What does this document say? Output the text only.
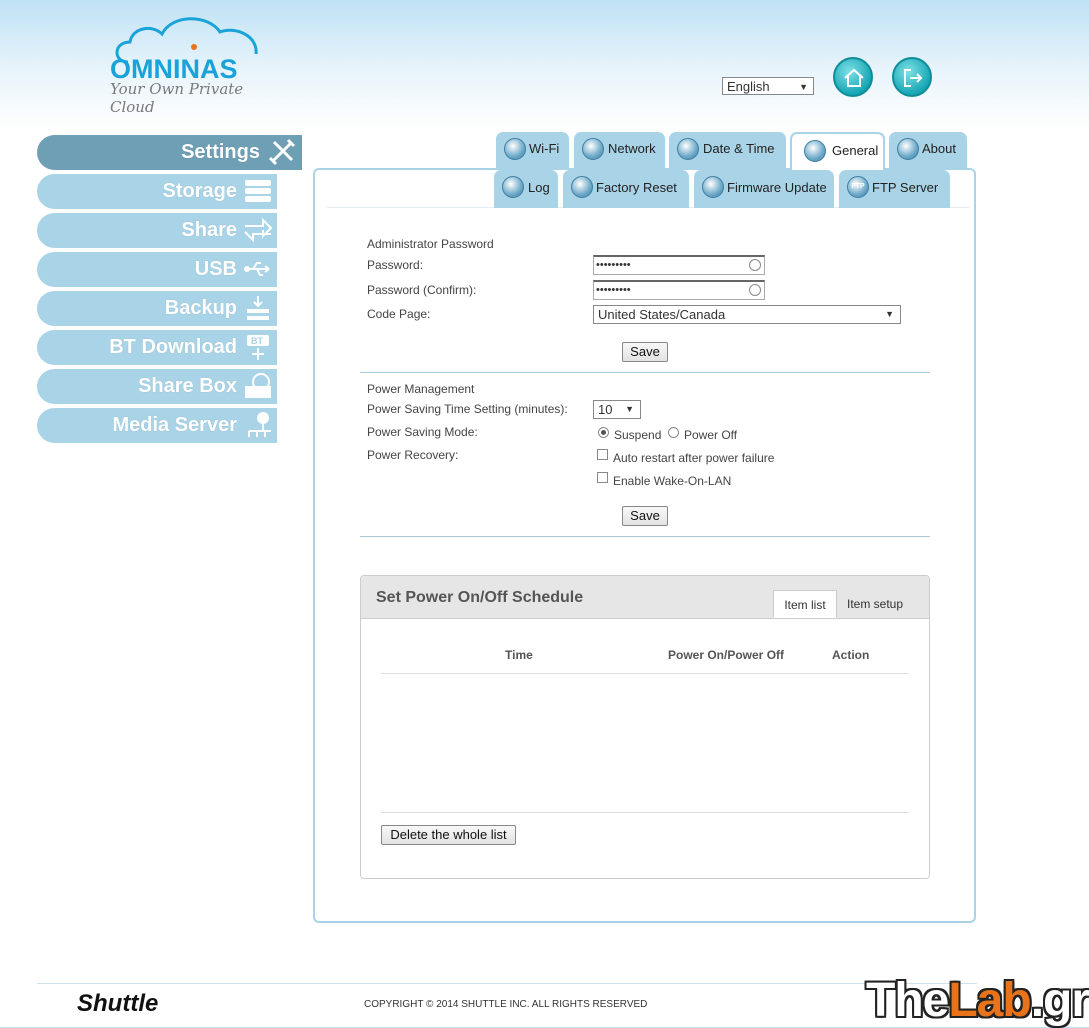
OMNINAS
Your Own Private Cloud
English	▼
Settings
Storage
Share
USB
Backup
BT Download BT
Share Box
Media Server
Wi-Fi	Network	Date & Time	General	About
Log	Factory Reset	Firmware Update	FTP FTP Server
Administrator Password
Password:	•••••••••
Password (Confirm):	•••••••••
Code Page:	United States/Canada	▼
Save
Power Management
Power Saving Time Setting (minutes):	10 ▼
Power Saving Mode:	Suspend Power Off
Power Recovery:	Auto restart after power failure
Enable Wake-On-LAN
Save
Set Power On/Off Schedule	Item list	Item setup
Time	Power On/Power Off	Action
Delete the whole list
Shuttle	COPYRIGHT © 2014 SHUTTLE INC. ALL RIGHTS RESERVED	TheLab.gr
